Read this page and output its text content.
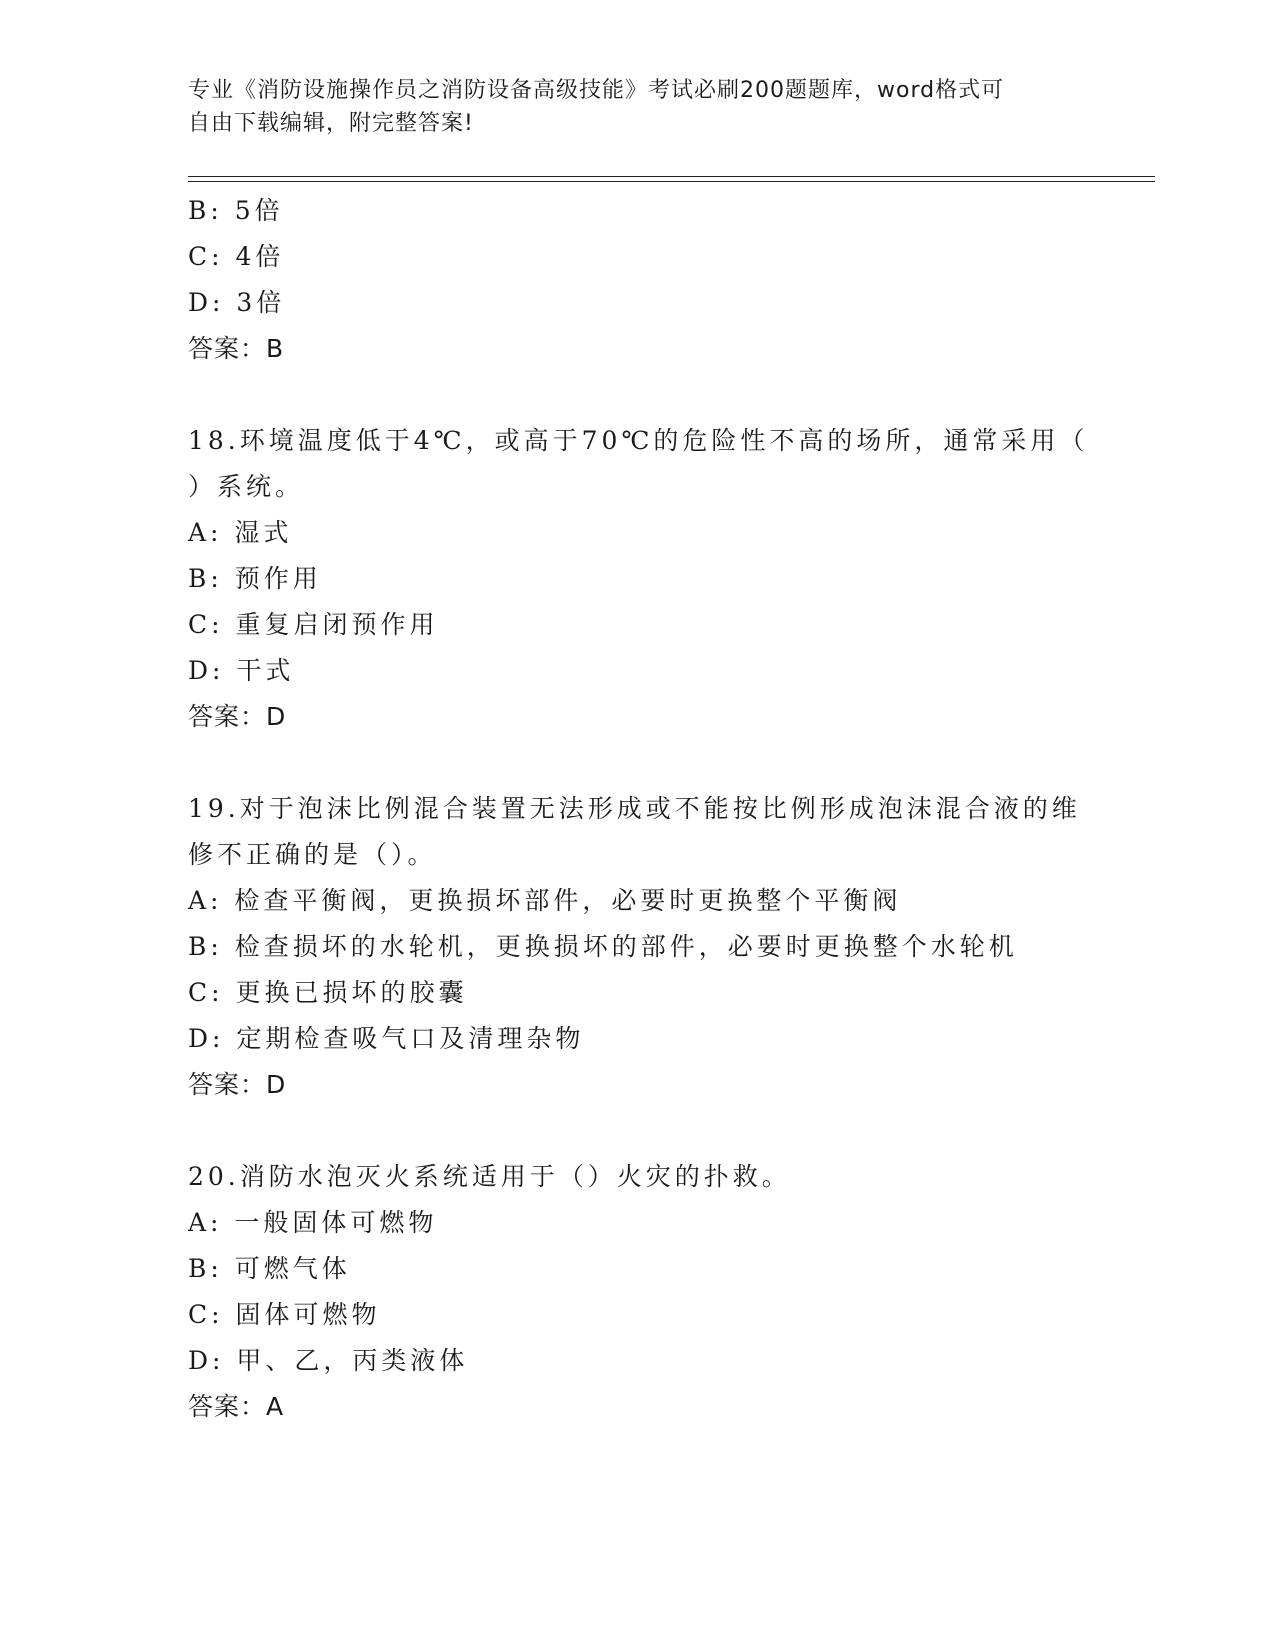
专业《消防设施操作员之消防设备高级技能》考试必刷200题题库，word格式可
自由下载编辑，附完整答案!
B: 5倍
C: 4倍
D: 3倍
答案：B
18.环境温度低于4℃，或高于70℃的危险性不高的场所，通常采用（
）系统。
A: 湿式
B: 预作用
C: 重复启闭预作用
D: 干式
答案：D
19.对于泡沫比例混合装置无法形成或不能按比例形成泡沫混合液的维
修不正确的是（）。
A: 检查平衡阀，更换损坏部件，必要时更换整个平衡阀
B: 检查损坏的水轮机，更换损坏的部件，必要时更换整个水轮机
C: 更换已损坏的胶囊
D: 定期检查吸气口及清理杂物
答案：D
20.消防水泡灭火系统适用于（）火灾的扑救。
A: 一般固体可燃物
B: 可燃气体
C: 固体可燃物
D: 甲、乙，丙类液体
答案：A
